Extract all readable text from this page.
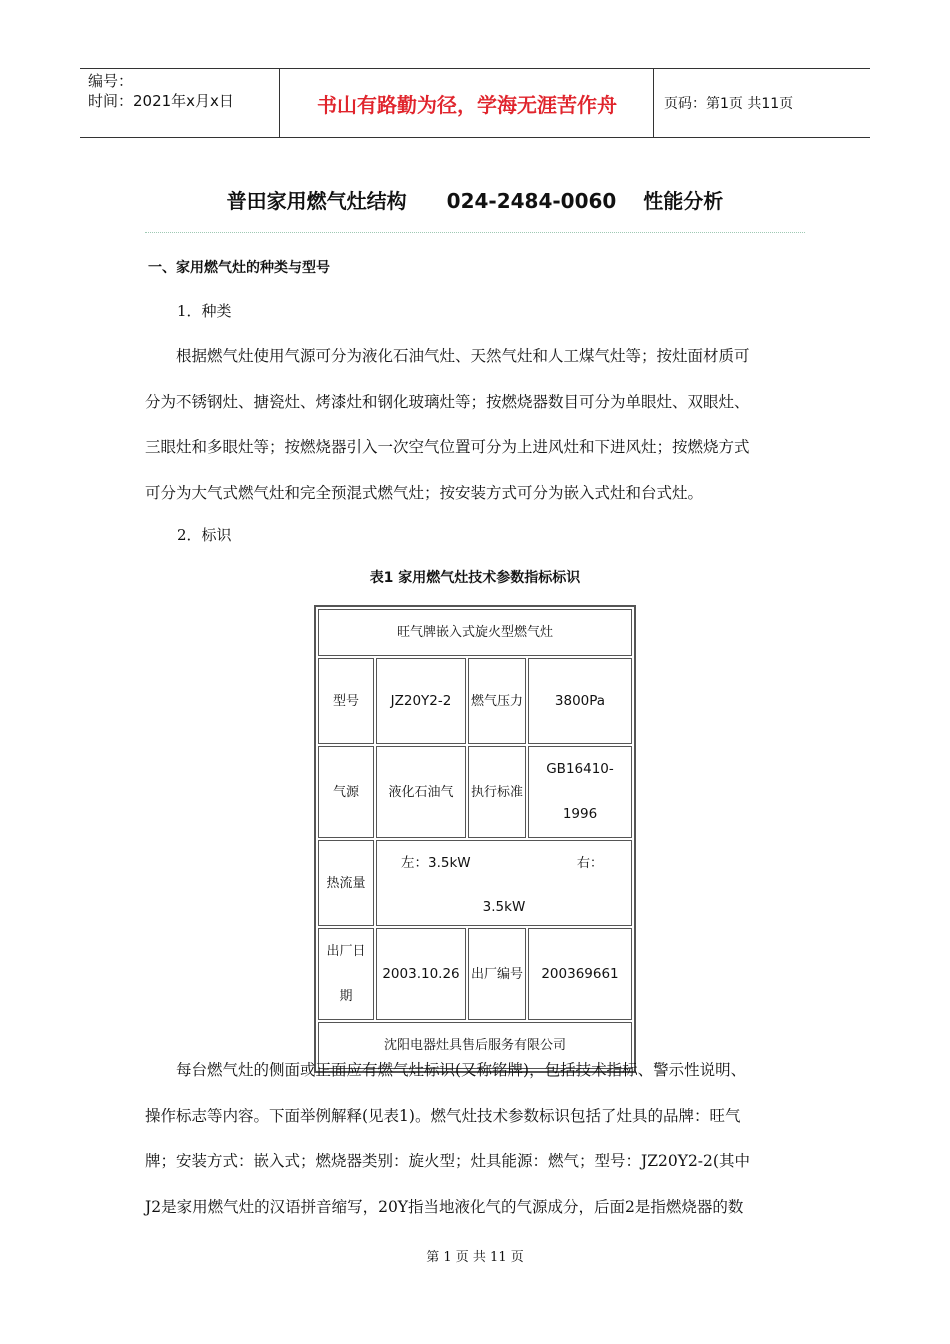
编号：
时间：2021年x月x日	书山有路勤为径，学海无涯苦作舟	页码：第1页 共11页
普田家用燃气灶结构　　024-2484-0060　 性能分析
一、家用燃气灶的种类与型号
1．种类
根据燃气灶使用气源可分为液化石油气灶、天然气灶和人工煤气灶等；按灶面材质可
分为不锈钢灶、搪瓷灶、烤漆灶和钢化玻璃灶等；按燃烧器数目可分为单眼灶、双眼灶、
三眼灶和多眼灶等；按燃烧器引入一次空气位置可分为上进风灶和下进风灶；按燃烧方式
可分为大气式燃气灶和完全预混式燃气灶；按安装方式可分为嵌入式灶和台式灶。
2．标识
表1 家用燃气灶技术参数指标标识
旺气牌嵌入式旋火型燃气灶			
型号	JZ20Y2-2	燃气压力	3800Pa
气源	液化石油气	执行标准	GB16410-1996
热流量	左：3.5kW 右：
3.5kW		

出厂日期	2003.10.26	出厂编号	200369661
沈阳电器灶具售后服务有限公司			
每台燃气灶的侧面或正面应有燃气灶标识(又称铭牌)，包括技术指标、警示性说明、
操作标志等内容。下面举例解释(见表1)。燃气灶技术参数标识包括了灶具的品牌：旺气
牌；安装方式：嵌入式；燃烧器类别：旋火型；灶具能源：燃气；型号：JZ20Y2-2(其中
J2是家用燃气灶的汉语拼音缩写，20Y指当地液化气的气源成分，后面2是指燃烧器的数
第 1 页 共 11 页
